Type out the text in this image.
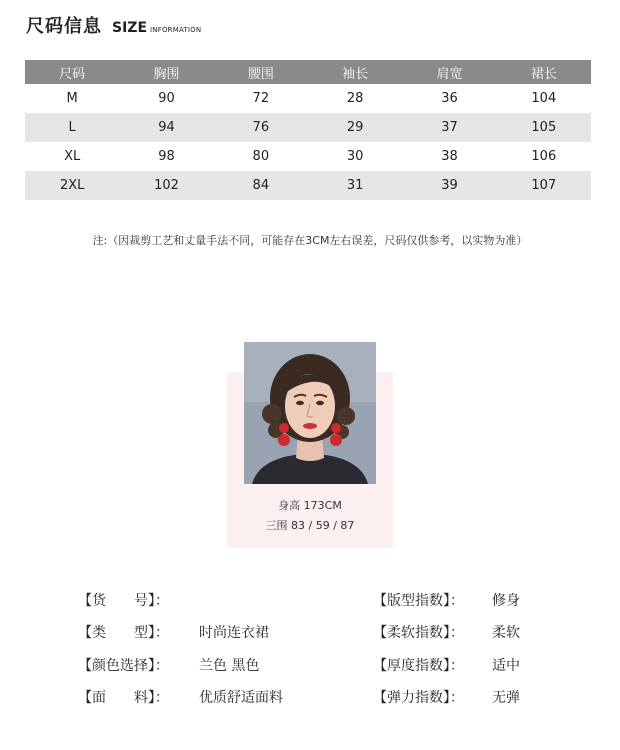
尺码信息 SIZE INFORMATION
尺码	胸围	腰围	袖长	肩宽	裙长
M	90	72	28	36	104
L	94	76	29	37	105
XL	98	80	30	38	106
2XL	102	84	31	39	107
注:（因裁剪工艺和丈量手法不同，可能存在3CM左右误差，尺码仅供参考，以实物为准）
身高 173CM
三围 83 / 59 / 87
【货　　号】：	【版型指数】： 修身
【类　　型】： 时尚连衣裙	【柔软指数】： 柔软
【颜色选择】： 兰色 黑色	【厚度指数】： 适中
【面　　料】： 优质舒适面料	【弹力指数】： 无弹
